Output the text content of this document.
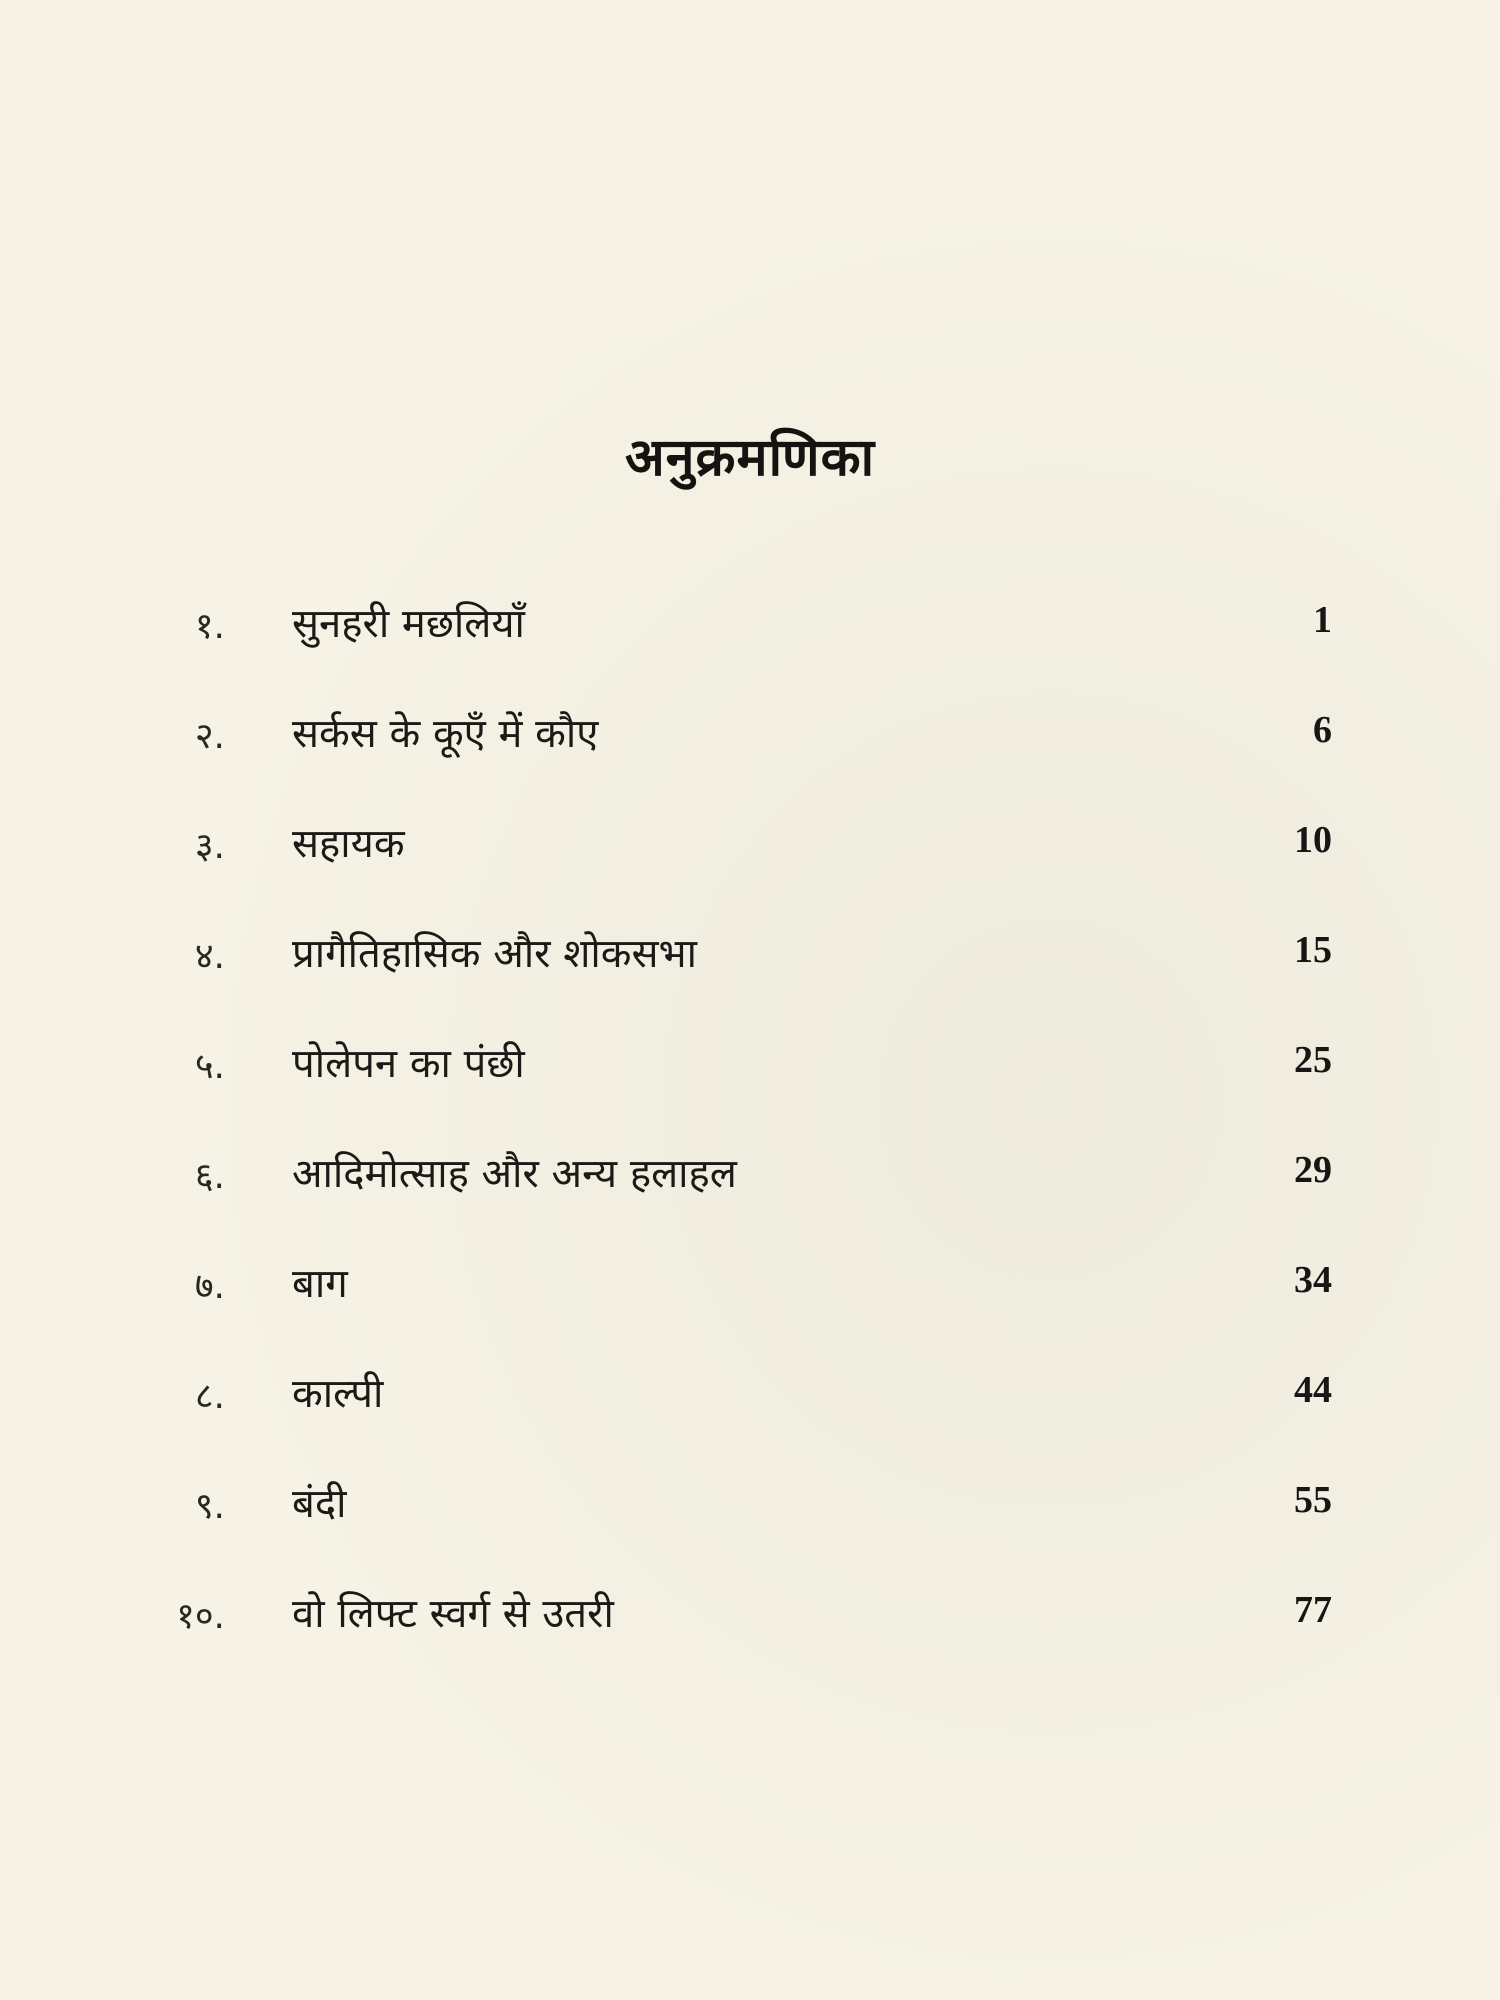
अनुक्रमणिका
१. सुनहरी मछलियाँ	1
२. सर्कस के कूएँ में कौए	6
३. सहायक	10
४. प्रागैतिहासिक और शोकसभा	15
५. पोलेपन का पंछी	25
६. आदिमोत्साह और अन्य हलाहल	29
७. बाग	34
८. काल्पी	44
९. बंदी	55
१०. वो लिफ्ट स्वर्ग से उतरी	77
